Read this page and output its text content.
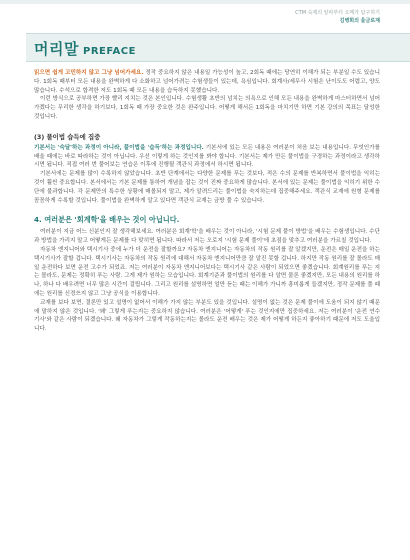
CTM 숙제의 알파부터 오메가 탐구하기
김병희의 울금로재
머리말 PREFACE

읽으면 쉽게 고민하지 않고 그냥 넘어가세요. 정작 중요하지 않은 내용일 가능성이 높고, 2회독 때에는 당연히 이해가 되는 부분일 수도 있습니다. 1회독 때부터 모든 내용을 완벽하게 다 소화하고 넘어가려는 수험생들이 있는데, 욕심입니다. 회계사/세무사 시험은 난이도도 어렵고, 양도 많습니다. 수석으로 합격한 저도 1회독 때 모든 내용을 습득하지 못했습니다.

이런 방식으로 공부하면 가장 빨리 지치는 것은 본인입니다. 수험생활 초반의 넘치는 의욕으로 인해 모든 내용을 완벽하게 마스터하면서 넘어가겠다는 무리한 생각을 하기보다, 1회독 때 가장 중요한 것은 완주입니다. 어떻게 해서든 1회독을 마치기만 하면 기본 강의의 목표는 달성한 것입니다.

(3) 풀이법 습득에 집중

기본서는 '숙달'하는 과정이 아니라, 풀이법을 '습득'하는 과정입니다. 기본서에 있는 모든 내용은 여러분이 처음 보는 내용입니다. 무엇인가를 배울 때에는 바로 따라하는 것이 아닙니다. 우선 이렇게 하는 것인지를 봐야 합니다. 기본서는 제가 만든 풀이법을 구경하는 과정이라고 생각하시면 됩니다. 직접 여러 번 풀어보는 연습은 이후에 진행될 객관식 과정에서 하시면 됩니다.

기본서에는 문제를 많이 수록하지 않았습니다. 초반 단계에서는 다양한 문제를 푸는 것보다, 적은 수의 문제를 반복하면서 풀이법을 익히는 것이 훨씬 중요합니다. 본서에서는 기본 문제를 통하여 개념을 잡는 것이 진짜 중요하게 많습니다. 본서에 있는 문제는 풀이법을 익히기 위한 수단에 불과합니다. 각 문제만의 특수한 상황에 매몰되지 말고, 제가 알려드리는 풀이법을 숙지하는데 집중해주세요. 객관식 교재에 원형 문제를 꼼꼼하게 수록할 것입니다. 풀이법을 완벽하게 알고 있다면 객관식 교재는 금방 풀 수 있습니다.

4. 여러분은 '회계학'을 배우는 것이 아닙니다.

여러분이 지금 어느 신분인지 잘 생각해보세요. 여러분은 회계'학'을 배우는 것이 아니라, '시험 문제 풀이 방법'을 배우는 수험생입니다. 수단과 방법을 가리지 말고 어떻게든 문제를 다 맞히면 됩니다. 따라서 저는 오로지 '시험 문제 풀이'에 초점을 맞추고 여러분을 가르칠 것입니다.

자동차 엔지니어와 택시기사 중에 누가 더 운전을 잘할까요? 자동차 엔지니어는 자동차의 작동 원리를 잘 알겠지만, 운전은 매일 운전을 하는 택시기사가 잘할 겁니다. 택시기사는 자동차의 작동 원리에 대해서 자동차 엔지니어만큼 잘 알진 못할 겁니다. 하지만 작동 원리를 잘 몰라도 매일 운전하다 보면 운전 고수가 되었죠. 저는 여러분이 자동차 엔지니어보다는 택시기사 같은 사람이 되었으면 좋겠습니다. 회계원리를 푸는 지는 몰라도, 문제는 정확히 푸는 사람. 그게 제가 원하는 모습입니다. 회계기준과 풀이법의 원리를 다 알면 물론 좋겠지만, 모든 내용의 원리를 하나, 하나 다 배우려면 너무 많은 시간이 걸립니다. 그리고 원리를 설명하면 얼만 듣는 때는 이해가 가니까 흥미롭게 들겠지만, 정작 문제를 풀 때에는 원리를 신경쓰지 않고 그냥 공식을 이용합니다.

교재를 보다 보면, 결론만 있고 설명이 없어서 이해가 가지 않는 부분도 있을 것입니다. 설명이 없는 것은 문제 풀이에 도움이 되지 않기 때문에 말하지 않은 것입니다. '왜' 그렇게 푸는지는 중요하지 않습니다. 여러분은 '어떻게' 푸는 것인지에만 집중하세요. 저는 여러분이 '운전 연수 기사'와 같은 사람이 되겠습니다. 왜 자동차가 그렇게 작동하는지는 몰라도 운전 배우는 것은 제가 어떻게 하든지 좋아하기 때문에 저도 도울입니다.
